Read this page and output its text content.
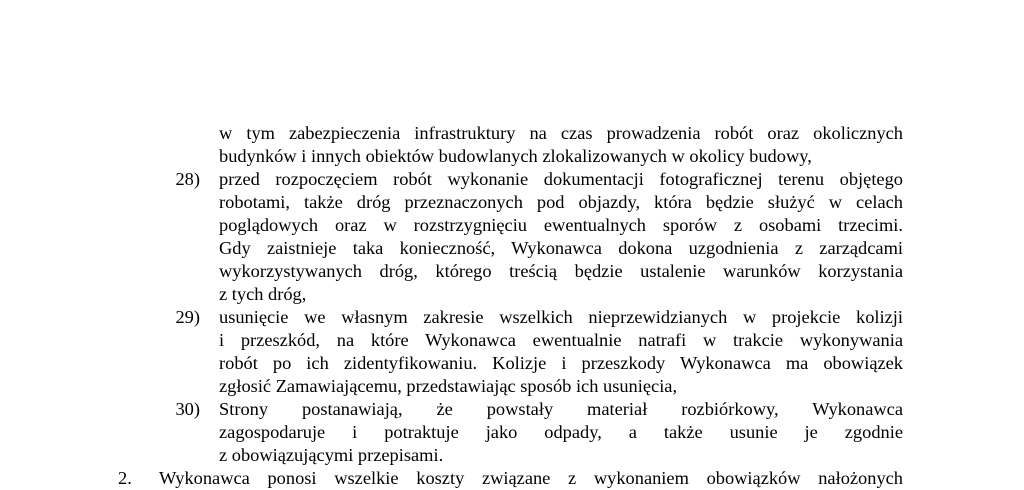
w tym zabezpieczenia infrastruktury na czas prowadzenia robót oraz okolicznych
budynków i innych obiektów budowlanych zlokalizowanych w okolicy budowy,
28) przed rozpoczęciem robót wykonanie dokumentacji fotograficznej terenu objętego
robotami, także dróg przeznaczonych pod objazdy, która będzie służyć w celach
poglądowych oraz w rozstrzygnięciu ewentualnych sporów z osobami trzecimi.
Gdy zaistnieje taka konieczność, Wykonawca dokona uzgodnienia z zarządcami
wykorzystywanych dróg, którego treścią będzie ustalenie warunków korzystania
z tych dróg,
29) usunięcie we własnym zakresie wszelkich nieprzewidzianych w projekcie kolizji
i przeszkód, na które Wykonawca ewentualnie natrafi w trakcie wykonywania
robót po ich zidentyfikowaniu. Kolizje i przeszkody Wykonawca ma obowiązek
zgłosić Zamawiającemu, przedstawiając sposób ich usunięcia,
30) Strony postanawiają, że powstały materiał rozbiórkowy, Wykonawca
zagospodaruje i potraktuje jako odpady, a także usunie je zgodnie
z obowiązującymi przepisami.
2. Wykonawca ponosi wszelkie koszty związane z wykonaniem obowiązków nałożonych
